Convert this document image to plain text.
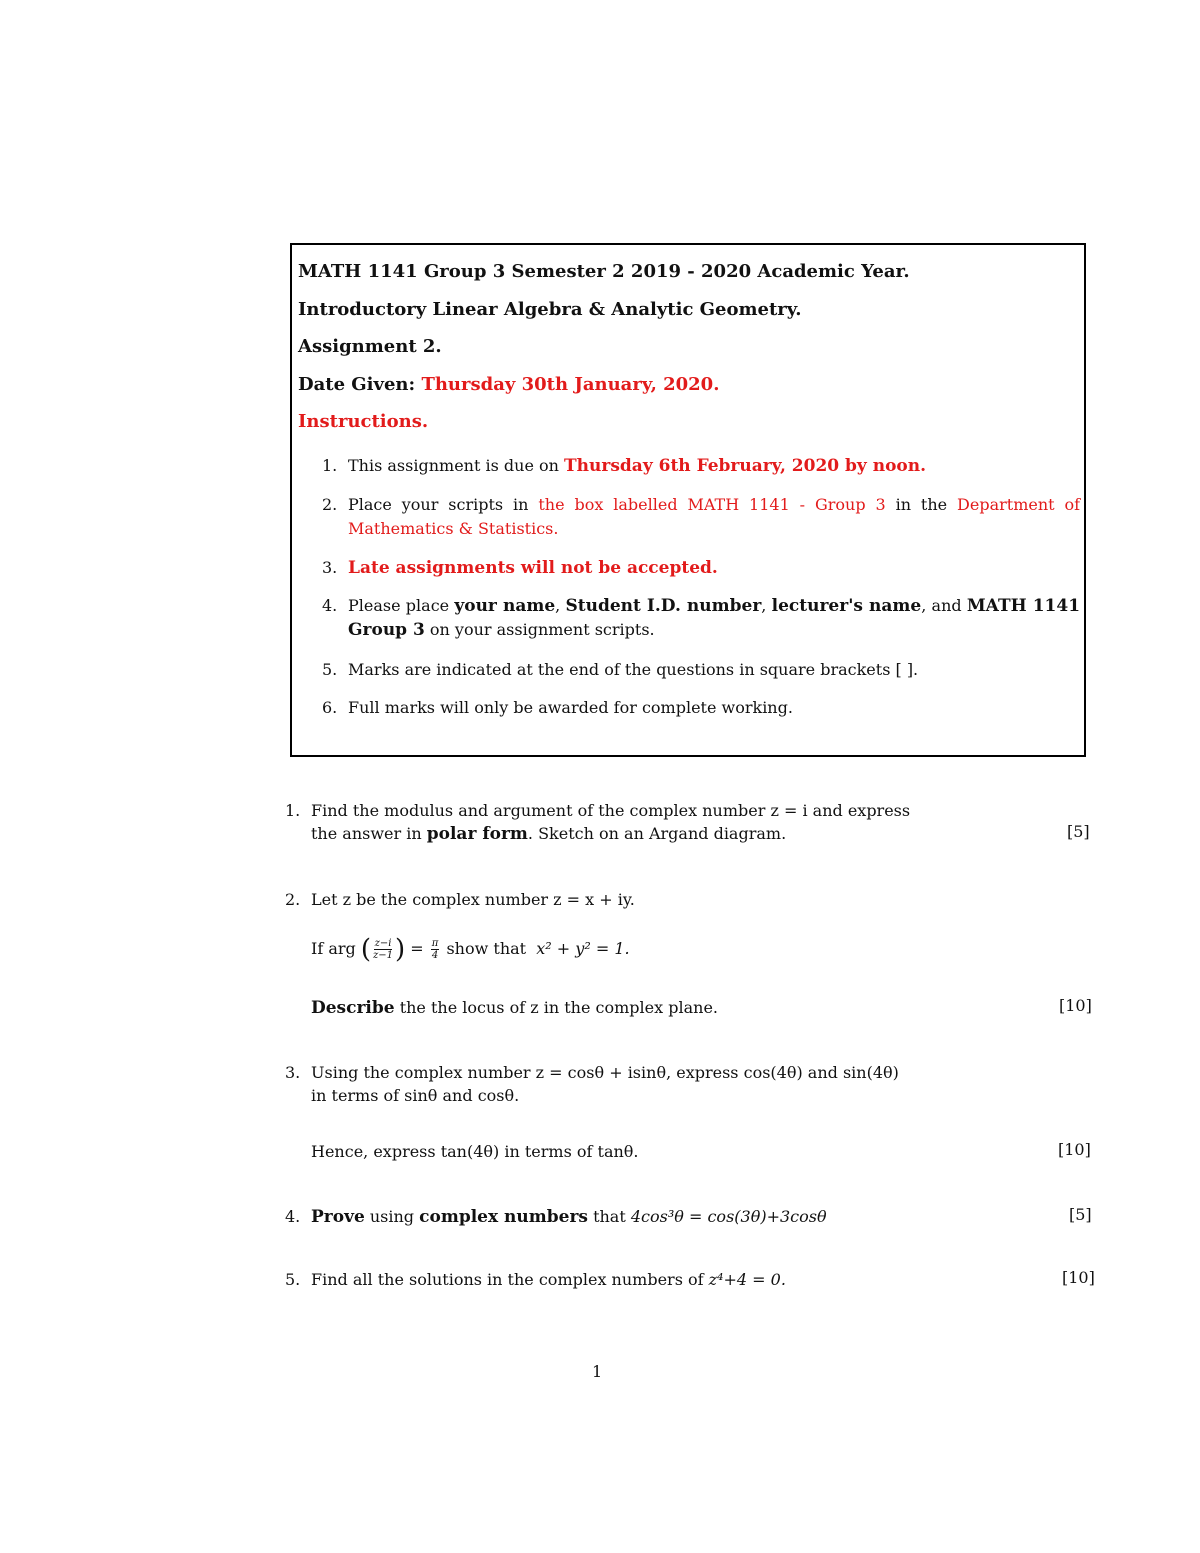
MATH 1141 Group 3 Semester 2 2019 - 2020 Academic Year.
Introductory Linear Algebra & Analytic Geometry.
Assignment 2.
Date Given: Thursday 30th January, 2020.
Instructions.
1. This assignment is due on Thursday 6th February, 2020 by noon.
2. Place your scripts in the box labelled MATH 1141 - Group 3 in the Department of Mathematics & Statistics.
3. Late assignments will not be accepted.
4. Please place your name, Student I.D. number, lecturer's name, and MATH 1141 Group 3 on your assignment scripts.
5. Marks are indicated at the end of the questions in square brackets [ ].
6. Full marks will only be awarded for complete working.
1. Find the modulus and argument of the complex number z = i and express
the answer in polar form. Sketch on an Argand diagram.	[5]
2. Let z be the complex number z = x + iy.
If arg ( $\frac{z-i}{z-1}$ ) = $\frac{\pi}{4}$ show that x² + y² = 1.
Describe the the locus of z in the complex plane.	[10]
3. Using the complex number z = cosθ + isinθ, express cos(4θ) and sin(4θ)
in terms of sinθ and cosθ.
Hence, express tan(4θ) in terms of tanθ.	[10]
4. Prove using complex numbers that 4cos³θ = cos(3θ)+3cosθ	[5]
5. Find all the solutions in the complex numbers of z⁴+4 = 0.	[10]
1
